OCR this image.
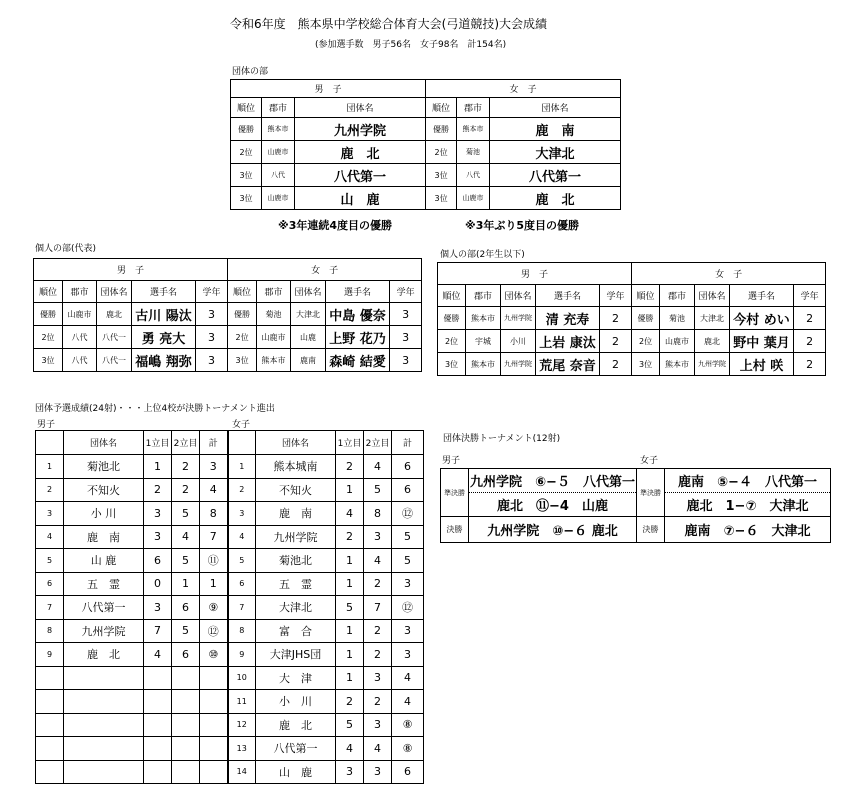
令和6年度　熊本県中学校総合体育大会(弓道競技)大会成績
(参加選手数　男子56名　女子98名　計154名)
団体の部
男　子			女　子		
順位	郡市	団体名	順位	郡市	団体名
優勝	熊本市	九州学院	優勝	熊本市	鹿　南
2位	山鹿市	鹿　北	2位	菊池	大津北
3位	八代	八代第一	3位	八代	八代第一
3位	山鹿市	山　鹿	3位	山鹿市	鹿　北
※3年連続4度目の優勝	※3年ぶり5度目の優勝
個人の部(代表)
男　子					女　子				
順位	郡市	団体名	選手名	学年	順位	郡市	団体名	選手名	学年
優勝	山鹿市	鹿北	古川 陽汰	3	優勝	菊池	大津北	中島 優奈	3
2位	八代	八代一	勇 亮大	3	2位	山鹿市	山鹿	上野 花乃	3
3位	八代	八代一	福嶋 翔弥	3	3位	熊本市	鹿南	森崎 結愛	3
個人の部(2年生以下)
男　子					女　子				
順位	郡市	団体名	選手名	学年	順位	郡市	団体名	選手名	学年
優勝	熊本市	九州学院	清 充寿	2	優勝	菊池	大津北	今村 めい	2
2位	宇城	小川	上岩 康汰	2	2位	山鹿市	鹿北	野中 葉月	2
3位	熊本市	九州学院	荒尾 奈音	2	3位	熊本市	九州学院	上村 咲	2
団体予選成績(24射)・・・上位4校が決勝トーナメント進出
男子	女子
	団体名	1立目	2立目	計		団体名	1立目	2立目	計
1	菊池北	1	2	3	1	熊本城南	2	4	6
2	不知火	2	2	4	2	不知火	1	5	6
3	小 川	3	5	8	3	鹿　南	4	8	⑫
4	鹿　南	3	4	7	4	九州学院	2	3	5
5	山 鹿	6	5	⑪	5	菊池北	1	4	5
6	五　霊	0	1	1	6	五　霊	1	2	3
7	八代第一	3	6	⑨	7	大津北	5	7	⑫
8	九州学院	7	5	⑫	8	富　合	1	2	3
9	鹿　北	4	6	⑩	9	大津JHS団	1	2	3
					10	大　津	1	3	4
					11	小　川	2	2	4
					12	鹿　北	5	3	⑧
					13	八代第一	4	4	⑧
					14	山　鹿	3	3	6
団体決勝トーナメント(12射)
男子	女子
準決勝	九州学院　⑥−５　八代第一	準決勝	鹿南　⑤−４　八代第一
	鹿北　⑪−4　山鹿		鹿北　1−⑦　大津北
決勝	九州学院　⑩−６ 鹿北	決勝	鹿南　⑦−６　大津北
